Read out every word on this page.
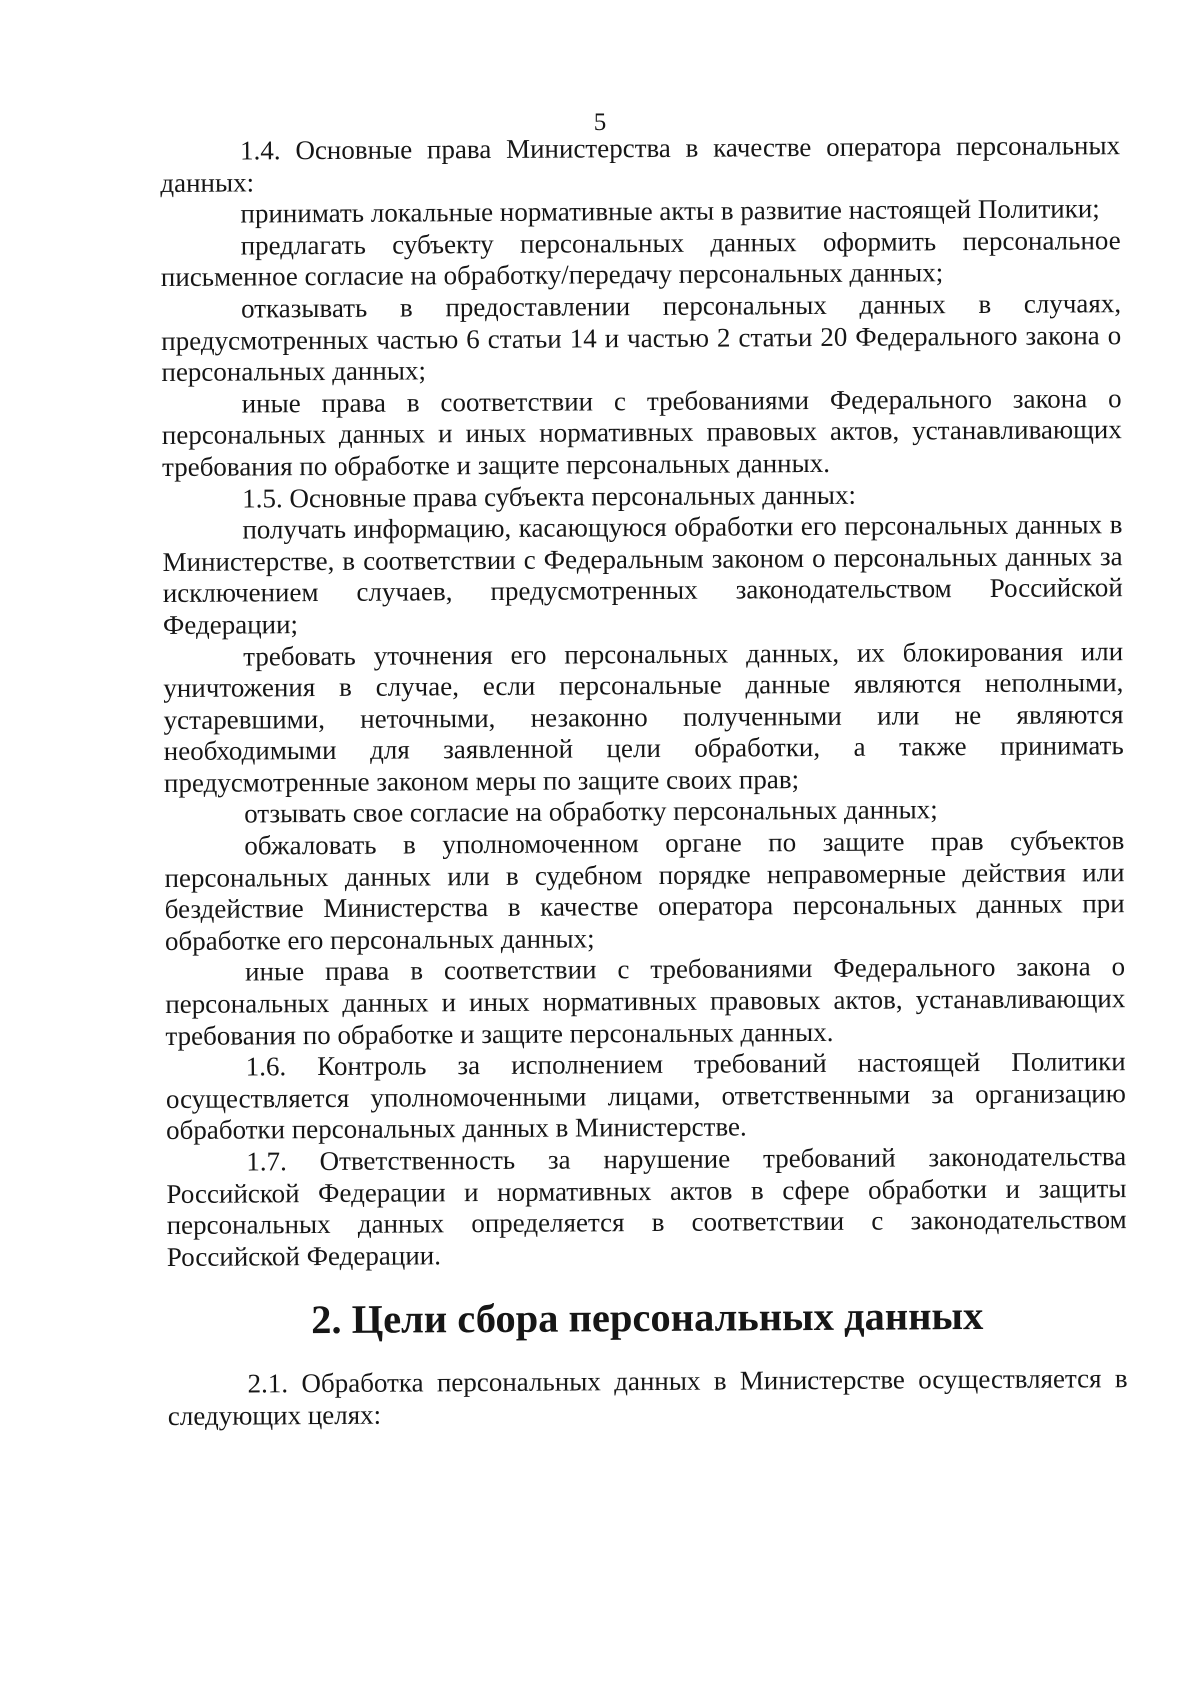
5

1.4. Основные права Министерства в качестве оператора персональных данных:

принимать локальные нормативные акты в развитие настоящей Политики;

предлагать субъекту персональных данных оформить персональное письменное согласие на обработку/передачу персональных данных;

отказывать в предоставлении персональных данных в случаях, предусмотренных частью 6 статьи 14 и частью 2 статьи 20 Федерального закона о персональных данных;

иные права в соответствии с требованиями Федерального закона о персональных данных и иных нормативных правовых актов, устанавливающих требования по обработке и защите персональных данных.

1.5. Основные права субъекта персональных данных:

получать информацию, касающуюся обработки его персональных данных в Министерстве, в соответствии с Федеральным законом о персональных данных за исключением случаев, предусмотренных законодательством Российской Федерации;

требовать уточнения его персональных данных, их блокирования или уничтожения в случае, если персональные данные являются неполными, устаревшими, неточными, незаконно полученными или не являются необходимыми для заявленной цели обработки, а также принимать предусмотренные законом меры по защите своих прав;

отзывать свое согласие на обработку персональных данных;

обжаловать в уполномоченном органе по защите прав субъектов персональных данных или в судебном порядке неправомерные действия или бездействие Министерства в качестве оператора персональных данных при обработке его персональных данных;

иные права в соответствии с требованиями Федерального закона о персональных данных и иных нормативных правовых актов, устанавливающих требования по обработке и защите персональных данных.

1.6. Контроль за исполнением требований настоящей Политики осуществляется уполномоченными лицами, ответственными за организацию обработки персональных данных в Министерстве.

1.7. Ответственность за нарушение требований законодательства Российской Федерации и нормативных актов в сфере обработки и защиты персональных данных определяется в соответствии с законодательством Российской Федерации.

2. Цели сбора персональных данных

2.1. Обработка персональных данных в Министерстве осуществляется в следующих целях:
